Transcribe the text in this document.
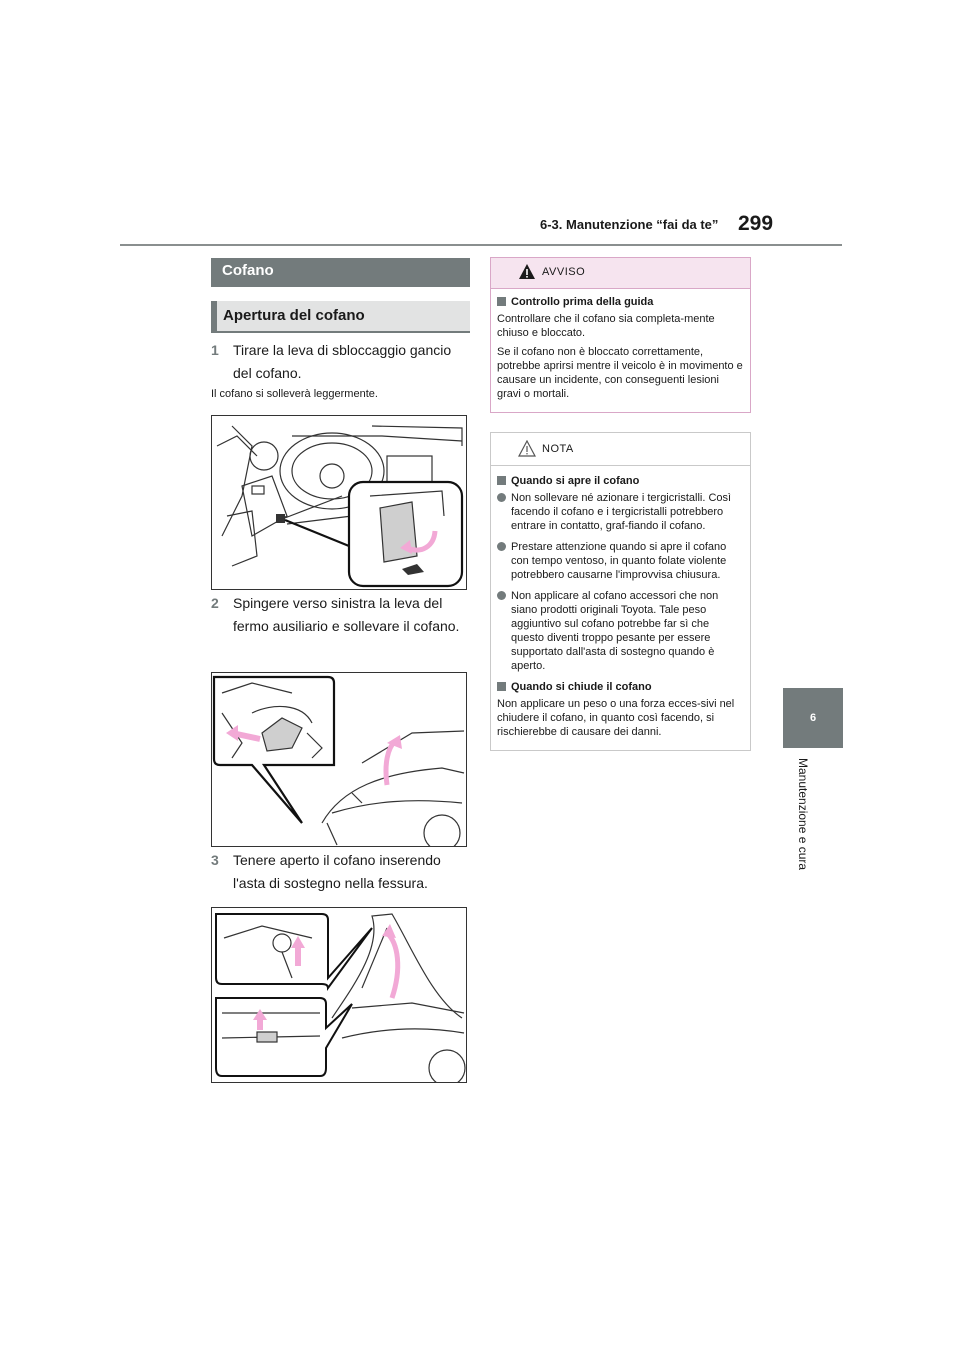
6-3. Manutenzione “fai da te” 299
6
Manutenzione e cura
Cofano
Apertura del cofano
1 Tirare la leva di sbloccaggio gancio del cofano.
Il cofano si solleverà leggermente.
2 Spingere verso sinistra la leva del fermo ausiliario e sollevare il cofano.
3 Tenere aperto il cofano inserendo l'asta di sostegno nella fessura.
AVVISO
Controllo prima della guida
Controllare che il cofano sia completa-mente chiuso e bloccato.
Se il cofano non è bloccato correttamente, potrebbe aprirsi mentre il veicolo è in movimento e causare un incidente, con conseguenti lesioni gravi o mortali.
NOTA
Quando si apre il cofano
Non sollevare né azionare i tergicristalli. Così facendo il cofano e i tergicristalli potrebbero entrare in contatto, graf-fiando il cofano.
Prestare attenzione quando si apre il cofano con tempo ventoso, in quanto folate violente potrebbero causarne l'improvvisa chiusura.
Non applicare al cofano accessori che non siano prodotti originali Toyota. Tale peso aggiuntivo sul cofano potrebbe far sì che questo diventi troppo pesante per essere supportato dall'asta di sostegno quando è aperto.
Quando si chiude il cofano
Non applicare un peso o una forza ecces-sivi nel chiudere il cofano, in quanto così facendo, si rischierebbe di causare dei danni.
